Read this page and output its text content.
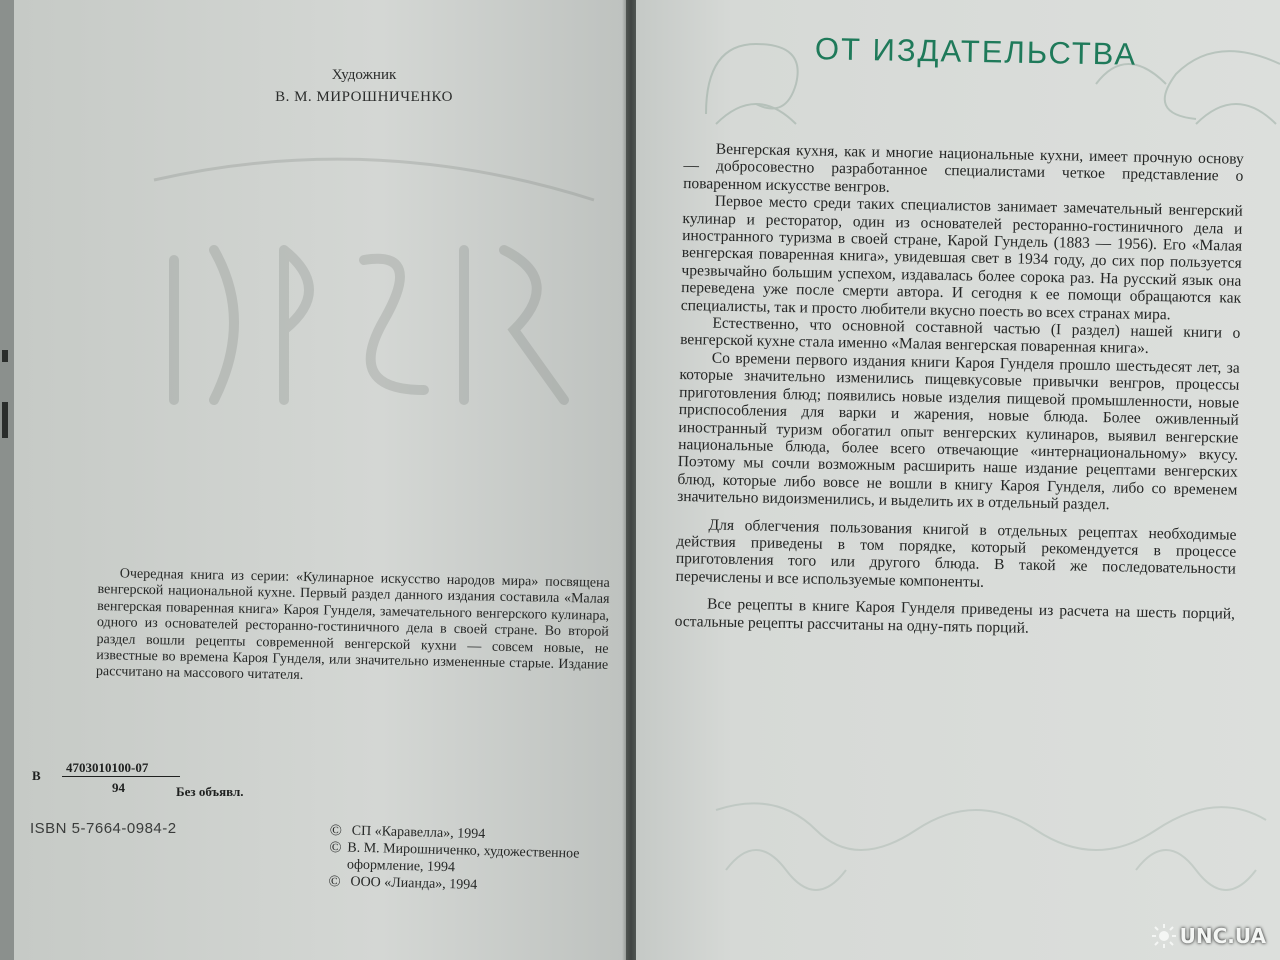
Художник
В. М. МИРОШНИЧЕНКО
Очередная книга из серии: «Кулинарное искусство народов мира» посвящена венгерской национальной кухне. Первый раздел данного издания составила «Малая венгерская поваренная книга» Кароя Гунделя, замечательного венгерского кулинара, одного из основателей ресторанно-гостиничного дела в своей стране. Во второй раздел вошли рецепты современной венгерской кухни — совсем новые, не известные во времена Кароя Гунделя, или значительно измененные старые. Издание рассчитано на массового читателя.
В
4703010100-07
94	Без объявл.
ISBN 5-7664-0984-2	© СП «Каравелла», 1994
© В. М. Мирошниченко, художественное оформление, 1994
© ООО «Лианда», 1994
ОТ ИЗДАТЕЛЬСТВА

Венгерская кухня, как и многие национальные кухни, имеет прочную основу — добросовестно разработанное специалистами четкое представление о поваренном искусстве венгров.

Первое место среди таких специалистов занимает замечательный венгерский кулинар и ресторатор, один из основателей ресторанно-гостиничного дела и иностранного туризма в своей стране, Карой Гундель (1883 — 1956). Его «Малая венгерская поваренная книга», увидевшая свет в 1934 году, до сих пор пользуется чрезвычайно большим успехом, издавалась более сорока раз. На русский язык она переведена уже после смерти автора. И сегодня к ее помощи обращаются как специалисты, так и просто любители вкусно поесть во всех странах мира.

Естественно, что основной составной частью (I раздел) нашей книги о венгерской кухне стала именно «Малая венгерская поваренная книга».

Со времени первого издания книги Кароя Гунделя прошло шестьдесят лет, за которые значительно изменились пищевкусовые привычки венгров, процессы приготовления блюд; появились новые изделия пищевой промышленности, новые приспособления для варки и жарения, новые блюда. Более оживленный иностранный туризм обогатил опыт венгерских кулинаров, выявил венгерские национальные блюда, более всего отвечающие «интернациональному» вкусу. Поэтому мы сочли возможным расширить наше издание рецептами венгерских блюд, которые либо вовсе не вошли в книгу Кароя Гунделя, либо со временем значительно видоизменились, и выделить их в отдельный раздел.

Для облегчения пользования книгой в отдельных рецептах необходимые действия приведены в том порядке, который рекомендуется в процессе приготовления того или другого блюда. В такой же последовательности перечислены и все используемые компоненты.

Все рецепты в книге Кароя Гунделя приведены из расчета на шесть порций, остальные рецепты рассчитаны на одну-пять порций.

UNC.UA
